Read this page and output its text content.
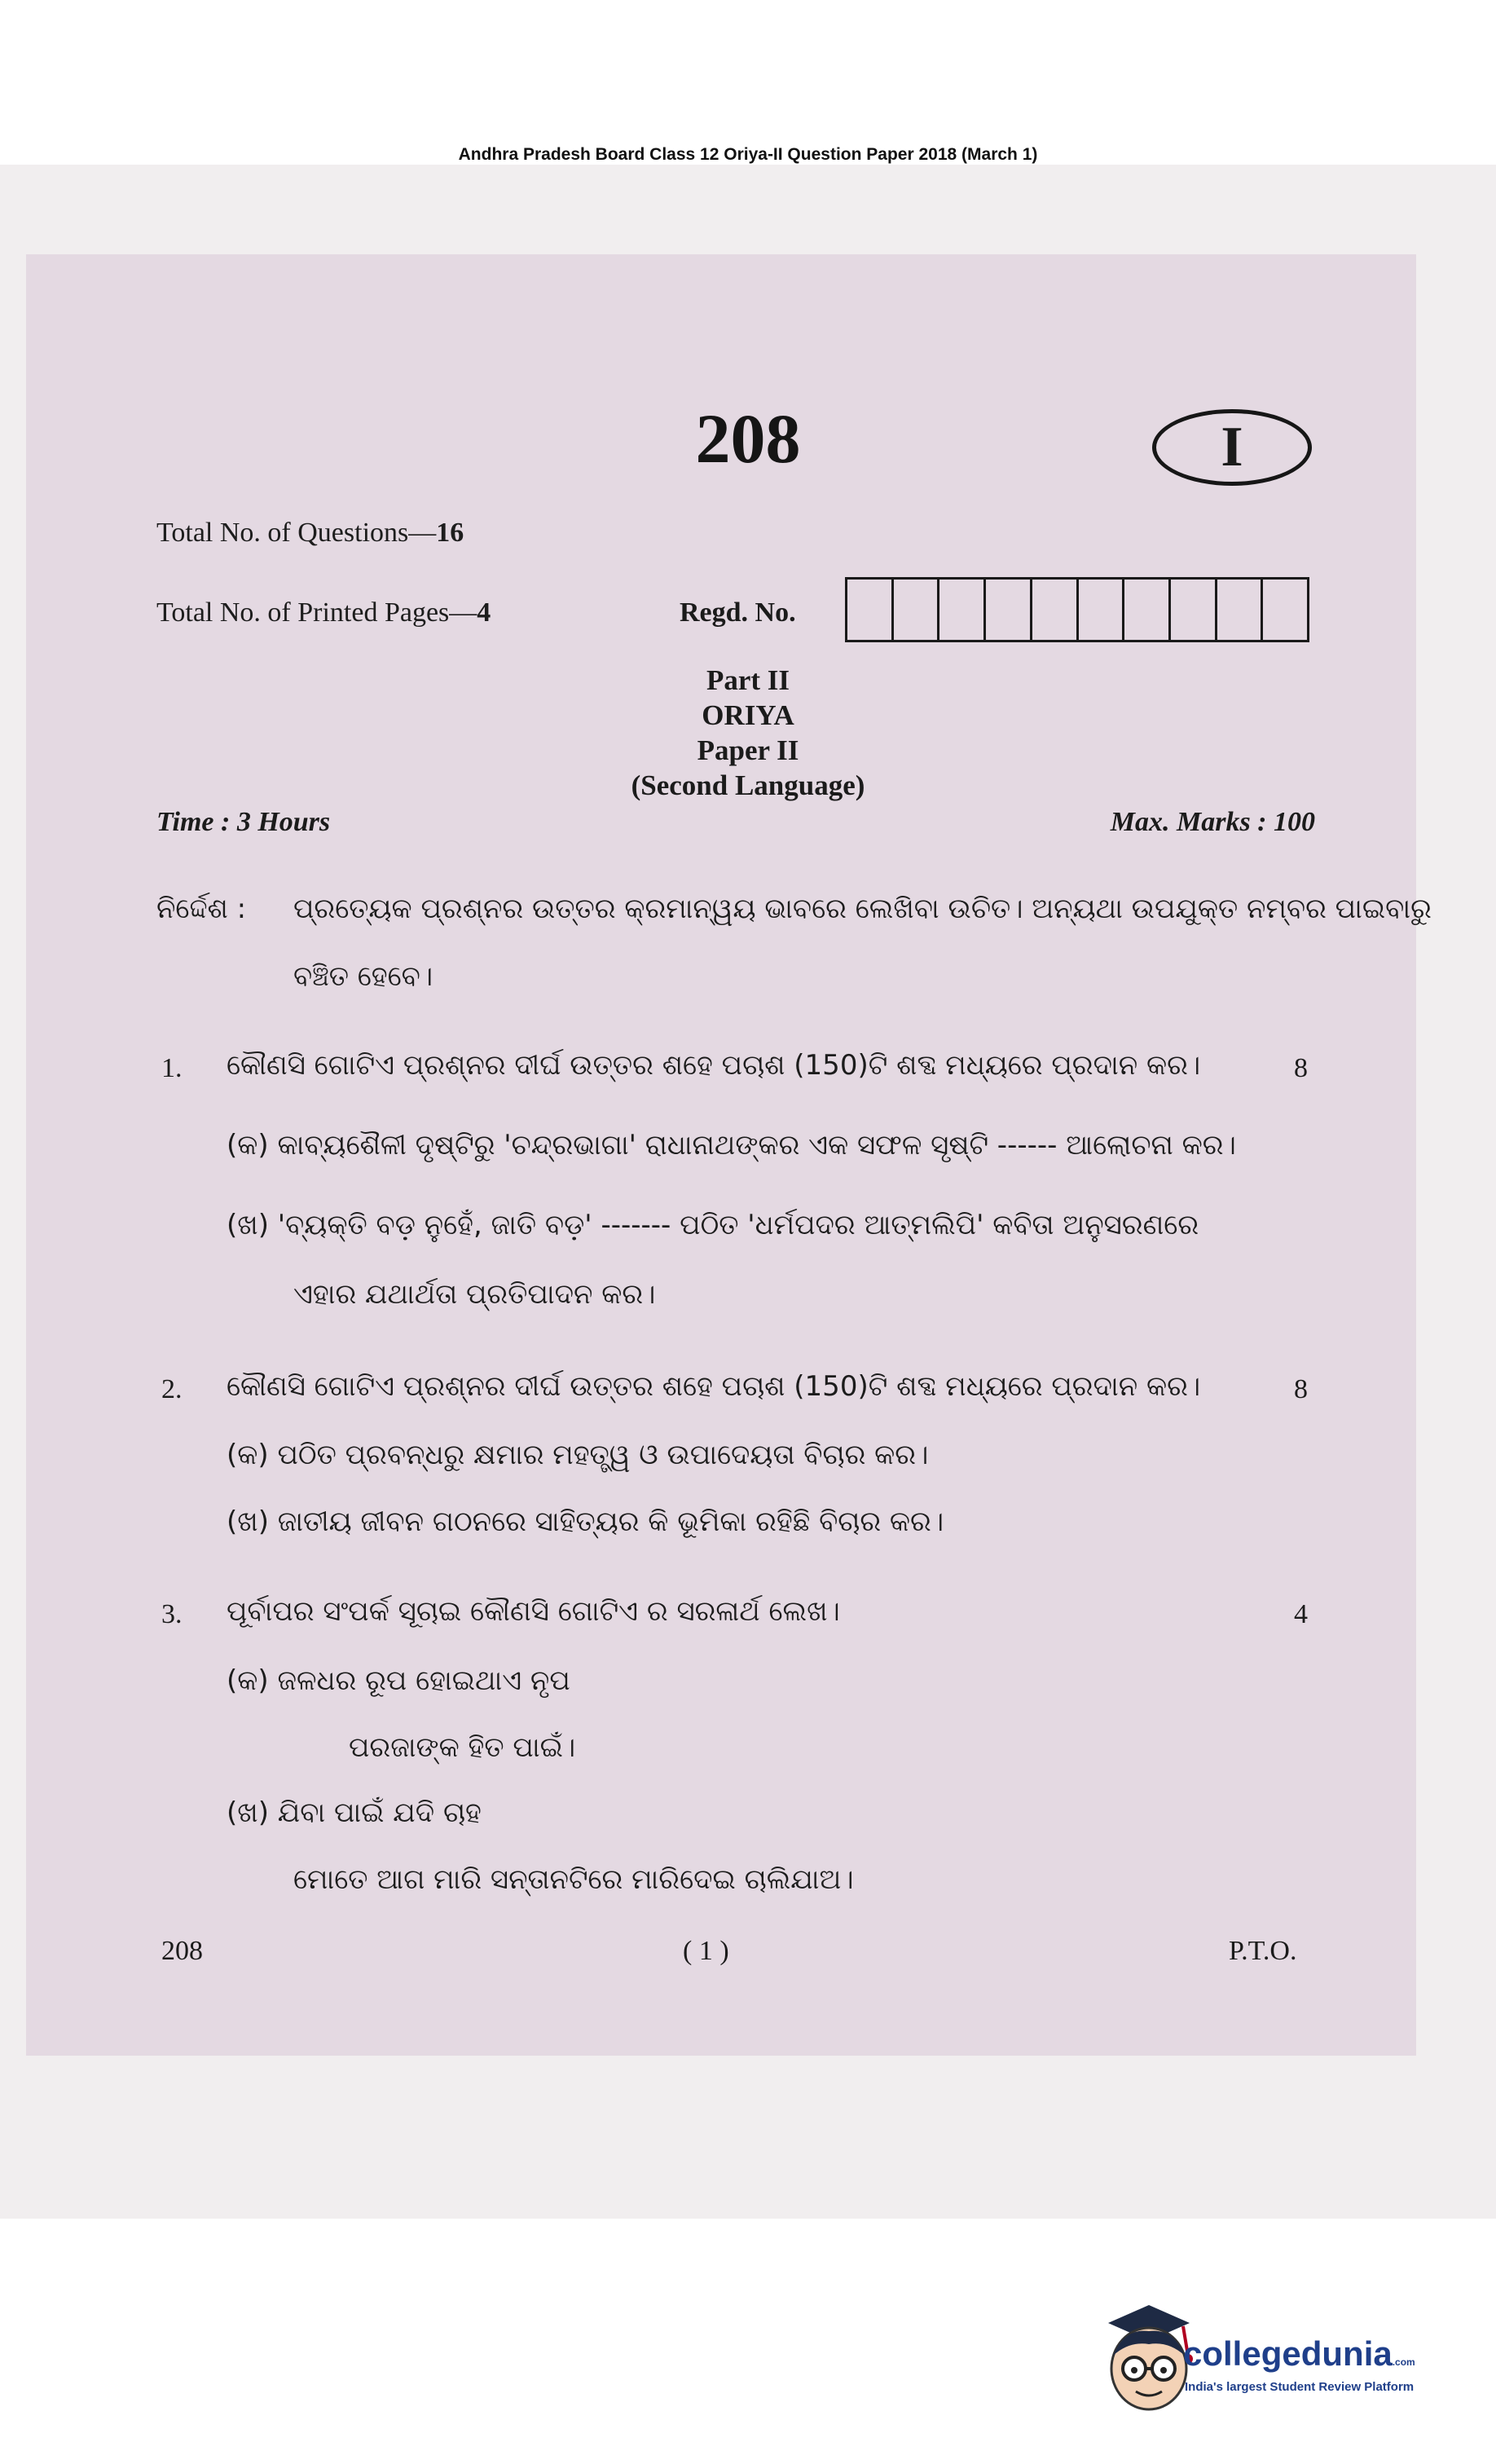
Andhra Pradesh Board Class 12 Oriya-II Question Paper 2018 (March 1)
208	I
Total No. of Questions—16
Total No. of Printed Pages—4	Regd. No.
Part II
ORIYA
Paper II
(Second Language)
Time : 3 Hours	Max. Marks : 100
ନିର୍ଦ୍ଦେଶ : ପ୍ରତ୍ୟେକ ପ୍ରଶ୍ନର ଉତ୍ତର କ୍ରମାନ୍ୱୟ ଭାବରେ ଲେଖିବା ଉଚିତ। ଅନ୍ୟଥା ଉପଯୁକ୍ତ ନମ୍ବର ପାଇବାରୁ
ବଞ୍ଚିତ ହେବେ।
1. କୌଣସି ଗୋଟିଏ ପ୍ରଶ୍ନର ଦୀର୍ଘ ଉତ୍ତର ଶହେ ପଚାଶ (150)ଟି ଶବ୍ଦ ମଧ୍ୟରେ ପ୍ରଦାନ କର।	8
(କ) କାବ୍ୟଶୈଳୀ ଦୃଷ୍ଟିରୁ 'ଚନ୍ଦ୍ରଭାଗା' ରାଧାନାଥଙ୍କର ଏକ ସଫଳ ସୃଷ୍ଟି ------ ଆଲୋଚନା କର।
(ଖ) 'ବ୍ୟକ୍ତି ବଡ଼ ନୁହେଁ, ଜାତି ବଡ଼' ------- ପଠିତ 'ଧର୍ମପଦର ଆତ୍ମଲିପି' କବିତା ଅନୁସରଣରେ
ଏହାର ଯଥାର୍ଥତା ପ୍ରତିପାଦନ କର।
2. କୌଣସି ଗୋଟିଏ ପ୍ରଶ୍ନର ଦୀର୍ଘ ଉତ୍ତର ଶହେ ପଚାଶ (150)ଟି ଶବ୍ଦ ମଧ୍ୟରେ ପ୍ରଦାନ କର।	8
(କ) ପଠିତ ପ୍ରବନ୍ଧରୁ କ୍ଷମାର ମହତ୍ତ୍ୱ ଓ ଉପାଦେୟତା ବିଚାର କର।
(ଖ) ଜାତୀୟ ଜୀବନ ଗଠନରେ ସାହିତ୍ୟର କି ଭୂମିକା ରହିଛି ବିଚାର କର।
3. ପୂର୍ବାପର ସଂପର୍କ ସୂଚାଇ କୌଣସି ଗୋଟିଏ ର ସରଳାର୍ଥ ଲେଖ।	4
(କ) ଜଳଧର ରୂପ ହୋଇଥାଏ ନୃପ
ପରଜାଙ୍କ ହିତ ପାଇଁ।
(ଖ) ଯିବା ପାଇଁ ଯଦି ଚାହ
ମୋତେ ଆଗ ମାରି ସନ୍ତାନଟିରେ ମାରିଦେଇ ଚାଲିଯାଅ।
208	( 1 )	P.T.O.
collegedunia.com
India's largest Student Review Platform
